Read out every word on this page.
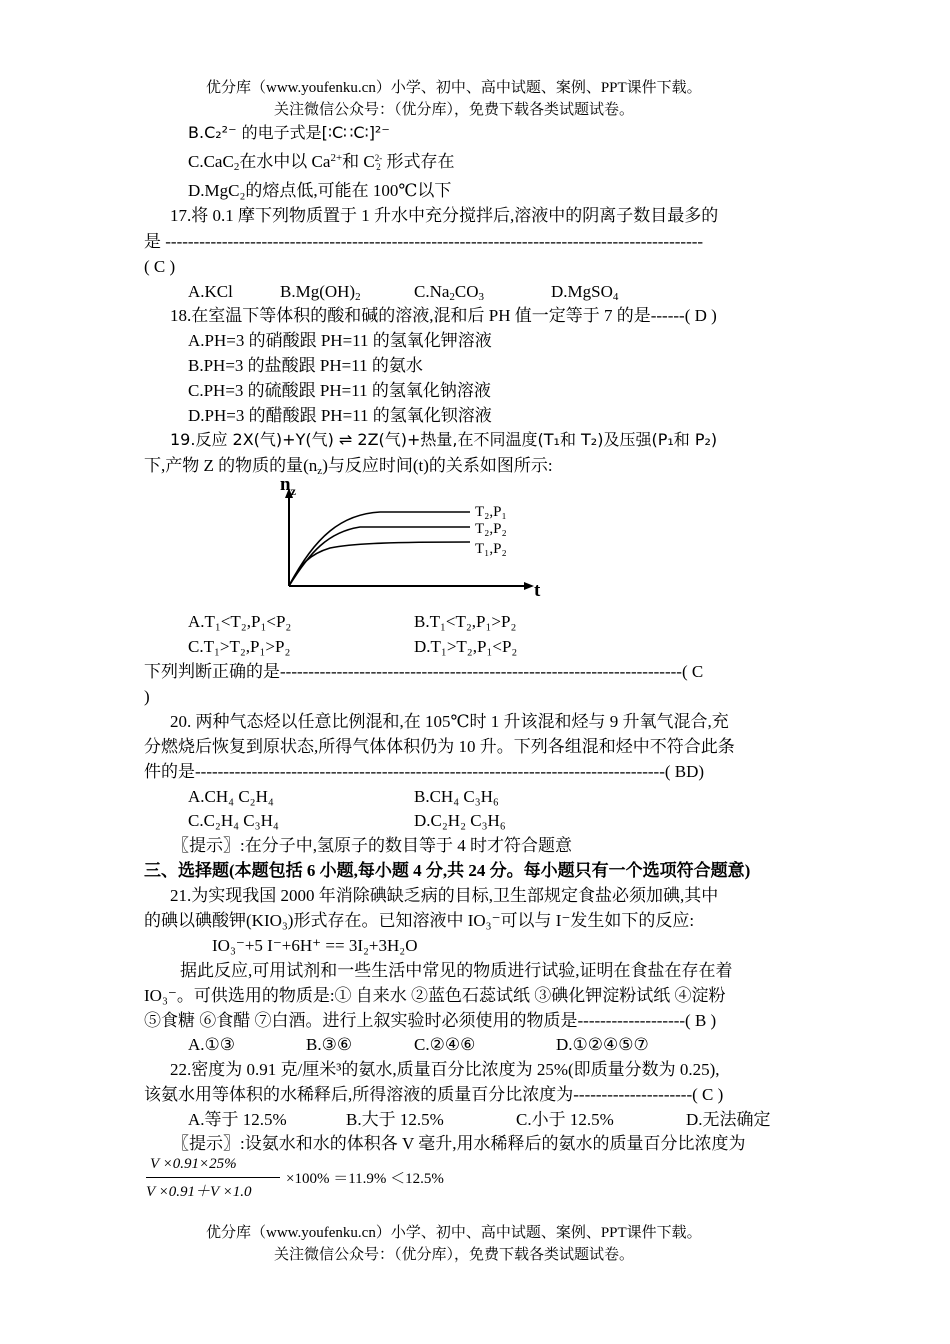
优分库（www.youfenku.cn）小学、初中、高中试题、案例、PPT课件下载。
关注微信公众号：（优分库），免费下载各类试题试卷。
B.C₂²⁻ 的电子式是[∶C∷C∶]²⁻
C.CaC$_2$在水中以 $Ca^{2+}$和 C 2-
2 形式存在
D.MgC₂的熔点低,可能在 100℃以下
17.将 0.1 摩下列物质置于 1 升水中充分搅拌后,溶液中的阴离子数目最多的
是 -----------------------------------------------------------------------------------------------
( C )
A.KCl	$B.Mg(OH)_2$	$C.Na_2CO_3$	D.MgSO$_4$
18.在室温下等体积的酸和碱的溶液,混和后 PH 值一定等于 7 的是------( D )
A.PH=3 的硝酸跟 PH=11 的氢氧化钾溶液
B.PH=3 的盐酸跟 PH=11 的氨水
C.PH=3 的硫酸跟 PH=11 的氢氧化钠溶液
D.PH=3 的醋酸跟 PH=11 的氢氧化钡溶液
19.反应 2X(气)+Y(气) ⇌ 2Z(气)+热量,在不同温度(T₁和 T₂)及压强(P₁和 P₂)
下,产物 Z 的物质的量$(n_z)$与反应时间(t)的关系如图所示:
$n_z$
t
T₂,P₁
T₂,P₂
T₁,P₂
A.T₁<T₂,P₁<P₂	B.T₁<T₂,P₁>P₂
C.T₁>T₂,P₁>P₂	D.T₁>T₂,P₁<P₂
下列判断正确的是-----------------------------------------------------------------------( C
)
20. 两种气态烃以任意比例混和,在 105℃时 1 升该混和烃与 9 升氧气混合,充
分燃烧后恢复到原状态,所得气体体积仍为 10 升。下列各组混和烃中不符合此条
件的是-----------------------------------------------------------------------------------( BD)
A.CH₄ C₂H₄	B.CH₄ C₃H₆
C.C₂H₄ C₃H₄	D.C₂H₂ C₃H₆
〖提示〗:在分子中,氢原子的数目等于 4 时才符合题意
三、选择题(本题包括 6 小题,每小题 4 分,共 24 分。每小题只有一个选项符合题意)
21.为实现我国 2000 年消除碘缺乏病的目标,卫生部规定食盐必须加碘,其中
的碘以碘酸钾(KIO₃)形式存在。已知溶液中 IO₃⁻可以与 I⁻发生如下的反应:
IO₃⁻+5 I⁻+6H⁺ == 3I₂+3H₂O
据此反应,可用试剂和一些生活中常见的物质进行试验,证明在食盐在存在着
IO₃⁻。可供选用的物质是:① 自来水 ②蓝色石蕊试纸 ③碘化钾淀粉试纸 ④淀粉
⑤食糖 ⑥食醋 ⑦白酒。进行上叙实验时必须使用的物质是-------------------( B )
A.①③	B.③⑥	C.②④⑥	D.①②④⑤⑦
22.密度为 0.91 克/厘米³的氨水,质量百分比浓度为 25%(即质量分数为 0.25),
该氨水用等体积的水稀释后,所得溶液的质量百分比浓度为---------------------( C )
A.等于 12.5%	B.大于 12.5%	C.小于 12.5%	D.无法确定
〖提示〗:设氨水和水的体积各 V 毫升,用水稀释后的氨水的质量百分比浓度为
V ×0.91×25%
V ×0.91＋V ×1.0
×100% ＝11.9% ＜12.5%
优分库（www.youfenku.cn）小学、初中、高中试题、案例、PPT课件下载。
关注微信公众号：（优分库），免费下载各类试题试卷。
